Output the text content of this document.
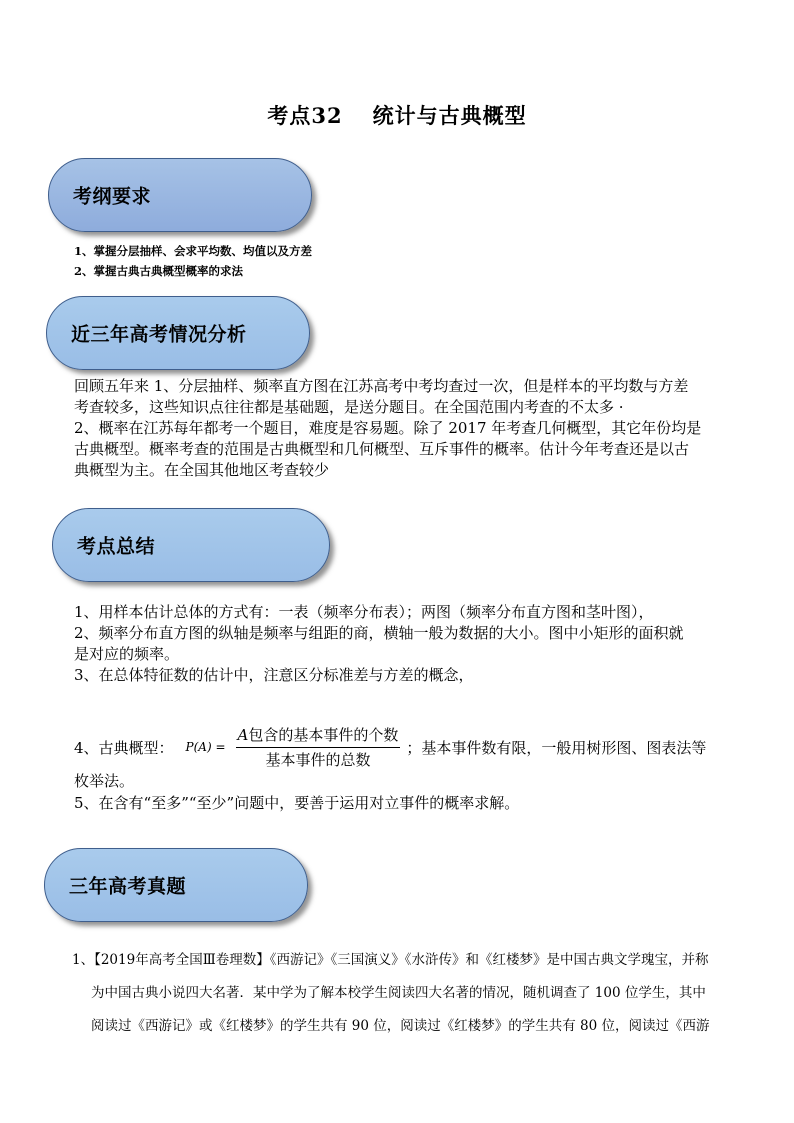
考点32 统计与古典概型
考纲要求
1、掌握分层抽样、会求平均数、均值以及方差
2、掌握古典古典概型概率的求法
近三年高考情况分析
回顾五年来 1、分层抽样、频率直方图在江苏高考中考均查过一次，但是样本的平均数与方差
考查较多，这些知识点往往都是基础题，是送分题目。在全国范围内考查的不太多 ·
2、概率在江苏每年都考一个题目，难度是容易题。除了 2017 年考查几何概型，其它年份均是
古典概型。概率考查的范围是古典概型和几何概型、互斥事件的概率。估计今年考查还是以古
典概型为主。在全国其他地区考查较少
考点总结
1、用样本估计总体的方式有：一表（频率分布表）；两图（频率分布直方图和茎叶图），
2、频率分布直方图的纵轴是频率与组距的商，横轴一般为数据的大小。图中小矩形的面积就
是对应的频率。
3、在总体特征数的估计中，注意区分标准差与方差的概念，
4、古典概型： $P(A) = \frac{\text{A包含的基本事件的个数}}{\text{基本事件的总数}}$ ；基本事件数有限，一般用树形图、图表法等
枚举法。
5、在含有“至多”“至少”问题中，要善于运用对立事件的概率求解。
三年高考真题
1、【2019年高考全国Ⅲ卷理数】《西游记》《三国演义》《水浒传》和《红楼梦》是中国古典文学瑰宝，并称
为中国古典小说四大名著．某中学为了解本校学生阅读四大名著的情况，随机调查了 100 位学生，其中
阅读过《西游记》或《红楼梦》的学生共有 90 位，阅读过《红楼梦》的学生共有 80 位，阅读过《西游
